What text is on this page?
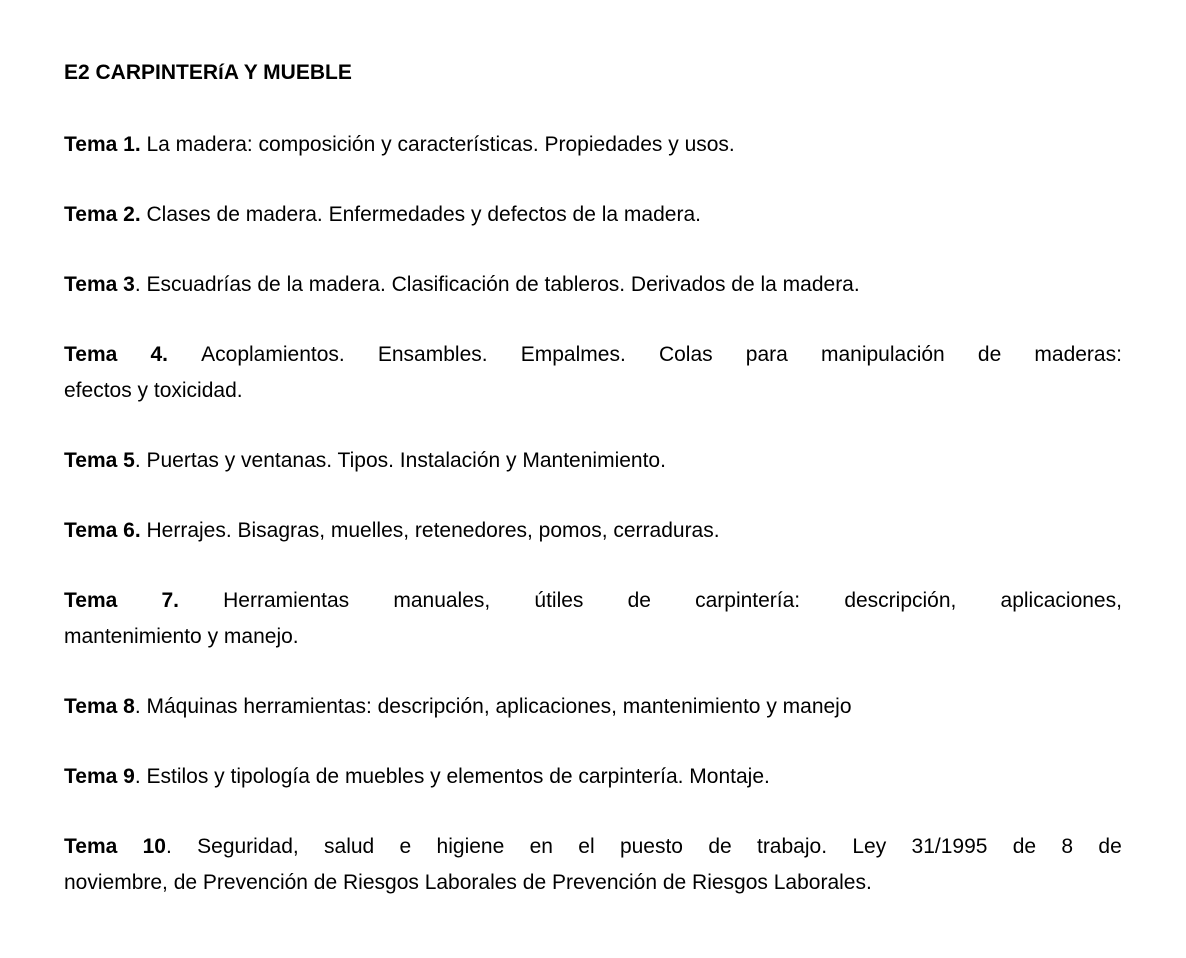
E2 CARPINTERíA Y MUEBLE
Tema 1. La madera: composición y características. Propiedades y usos.
Tema 2. Clases de madera. Enfermedades y defectos de la madera.
Tema 3. Escuadrías de la madera. Clasificación de tableros. Derivados de la madera.
Tema 4. Acoplamientos. Ensambles. Empalmes. Colas para manipulación de maderas:
efectos y toxicidad.
Tema 5. Puertas y ventanas. Tipos. Instalación y Mantenimiento.
Tema 6. Herrajes. Bisagras, muelles, retenedores, pomos, cerraduras.
Tema 7. Herramientas manuales, útiles de carpintería: descripción, aplicaciones,
mantenimiento y manejo.
Tema 8. Máquinas herramientas: descripción, aplicaciones, mantenimiento y manejo
Tema 9. Estilos y tipología de muebles y elementos de carpintería. Montaje.
Tema 10. Seguridad, salud e higiene en el puesto de trabajo. Ley 31/1995 de 8 de
noviembre, de Prevención de Riesgos Laborales de Prevención de Riesgos Laborales.
